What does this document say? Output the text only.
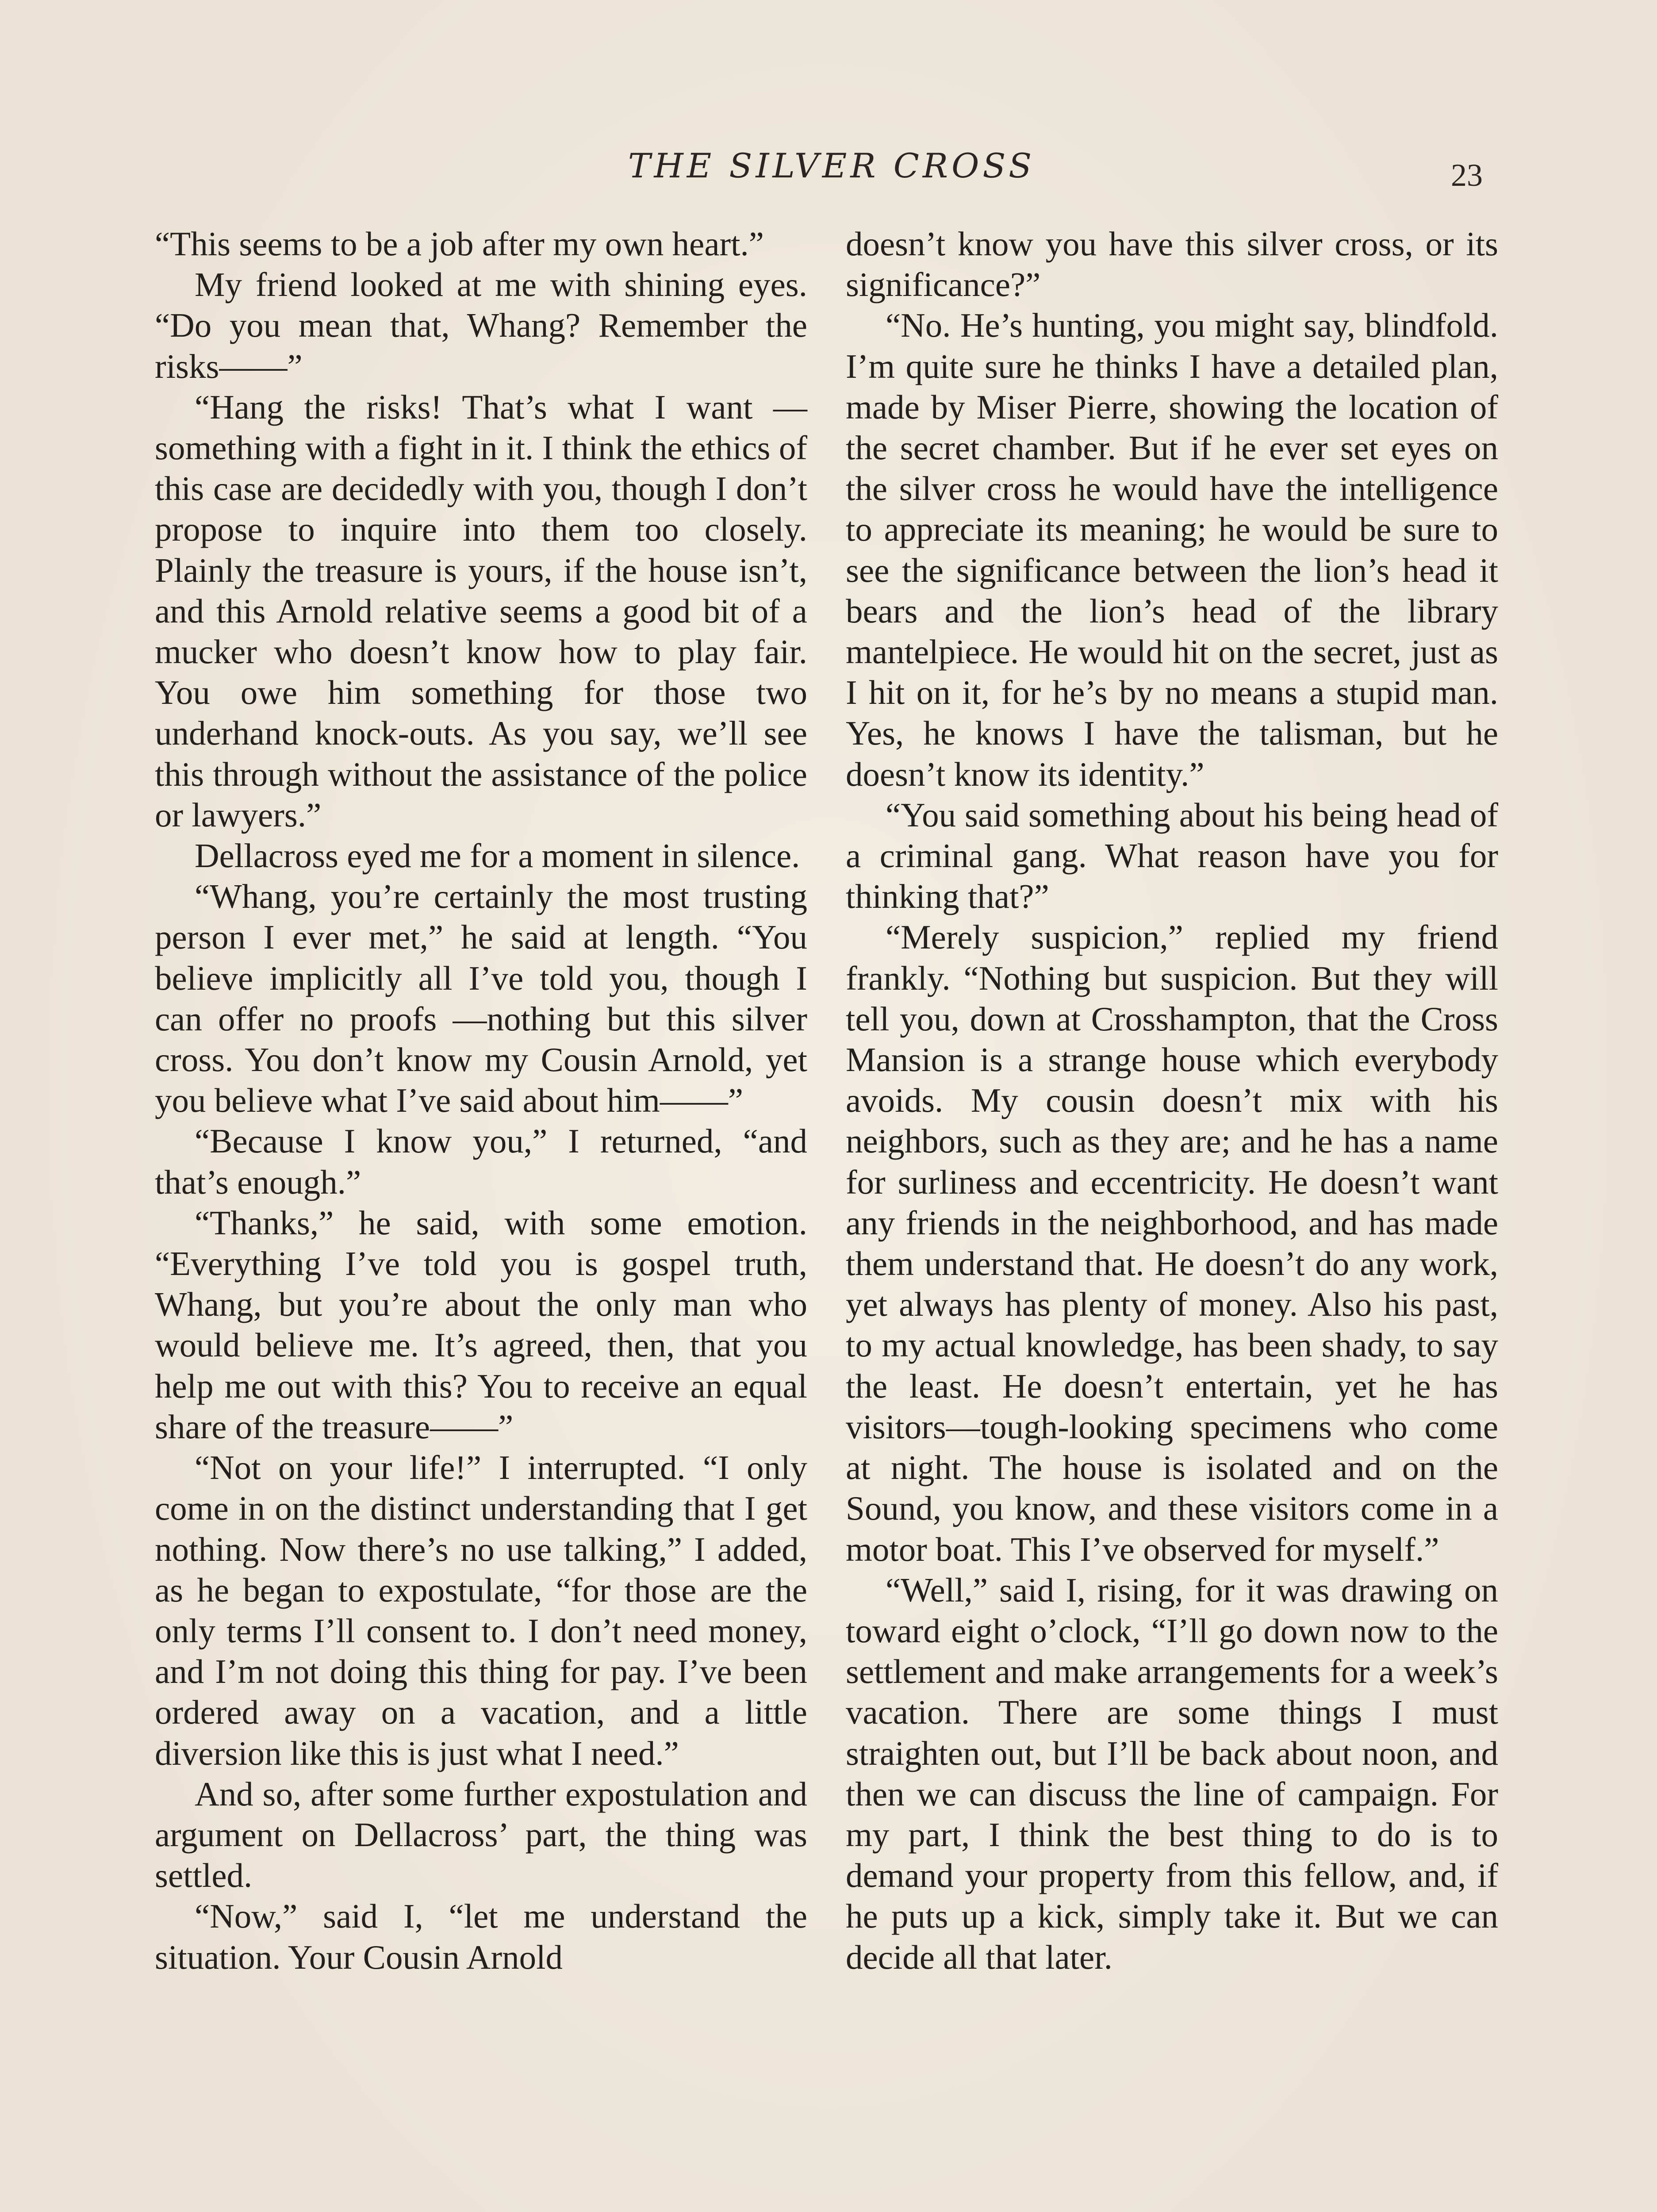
THE SILVER CROSS	23

“This seems to be a job after my own heart.”

My friend looked at me with shining eyes. “Do you mean that, Whang? Remember the risks——”

“Hang the risks! That’s what I want —something with a fight in it. I think the ethics of this case are decidedly with you, though I don’t propose to inquire into them too closely. Plainly the treasure is yours, if the house isn’t, and this Arnold relative seems a good bit of a mucker who doesn’t know how to play fair. You owe him something for those two underhand knock-outs. As you say, we’ll see this through without the assistance of the police or lawyers.”

Dellacross eyed me for a moment in silence.

“Whang, you’re certainly the most trusting person I ever met,” he said at length. “You believe implicitly all I’ve told you, though I can offer no proofs —nothing but this silver cross. You don’t know my Cousin Arnold, yet you believe what I’ve said about him——”

“Because I know you,” I returned, “and that’s enough.”

“Thanks,” he said, with some emotion. “Everything I’ve told you is gospel truth, Whang, but you’re about the only man who would believe me. It’s agreed, then, that you help me out with this? You to receive an equal share of the treasure——”

“Not on your life!” I interrupted. “I only come in on the distinct understanding that I get nothing. Now there’s no use talking,” I added, as he began to expostulate, “for those are the only terms I’ll consent to. I don’t need money, and I’m not doing this thing for pay. I’ve been ordered away on a vacation, and a little diversion like this is just what I need.”

And so, after some further expostulation and argument on Dellacross’ part, the thing was settled.

“Now,” said I, “let me understand the situation. Your Cousin Arnold

doesn’t know you have this silver cross, or its significance?”

“No. He’s hunting, you might say, blindfold. I’m quite sure he thinks I have a detailed plan, made by Miser Pierre, showing the location of the secret chamber. But if he ever set eyes on the silver cross he would have the intelligence to appreciate its meaning; he would be sure to see the significance between the lion’s head it bears and the lion’s head of the library mantelpiece. He would hit on the secret, just as I hit on it, for he’s by no means a stupid man. Yes, he knows I have the talisman, but he doesn’t know its identity.”

“You said something about his being head of a criminal gang. What reason have you for thinking that?”

“Merely suspicion,” replied my friend frankly. “Nothing but suspicion. But they will tell you, down at Crosshampton, that the Cross Mansion is a strange house which everybody avoids. My cousin doesn’t mix with his neighbors, such as they are; and he has a name for surliness and eccentricity. He doesn’t want any friends in the neighborhood, and has made them understand that. He doesn’t do any work, yet always has plenty of money. Also his past, to my actual knowledge, has been shady, to say the least. He doesn’t entertain, yet he has visitors—tough-looking specimens who come at night. The house is isolated and on the Sound, you know, and these visitors come in a motor boat. This I’ve observed for myself.”

“Well,” said I, rising, for it was drawing on toward eight o’clock, “I’ll go down now to the settlement and make arrangements for a week’s vacation. There are some things I must straighten out, but I’ll be back about noon, and then we can discuss the line of campaign. For my part, I think the best thing to do is to demand your property from this fellow, and, if he puts up a kick, simply take it. But we can decide all that later.
